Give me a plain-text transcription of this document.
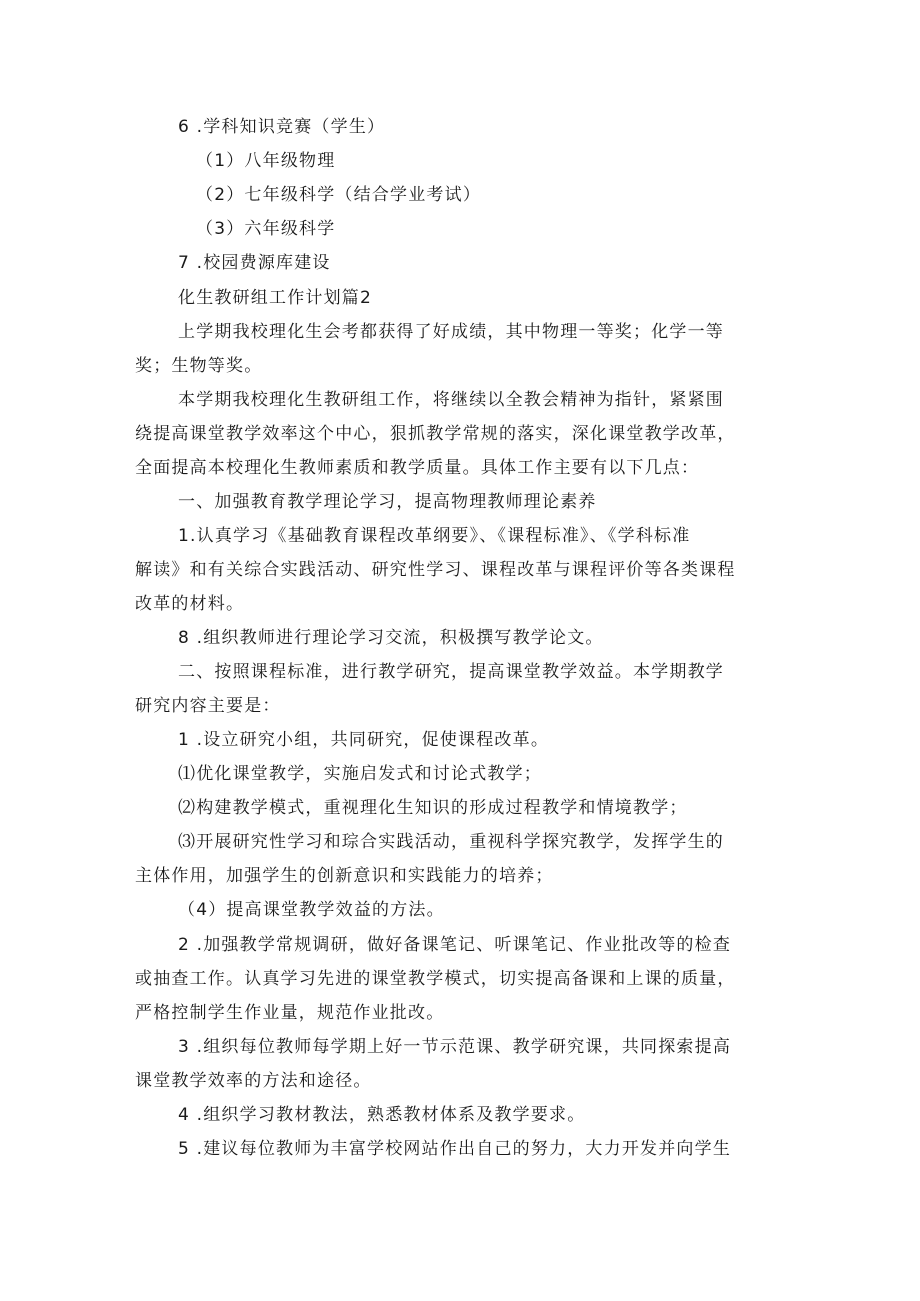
6 .学科知识竞赛（学生）
（1）八年级物理
（2）七年级科学（结合学业考试）
（3）六年级科学
7 .校园费源库建设
化生教研组工作计划篇2
上学期我校理化生会考都获得了好成绩，其中物理一等奖；化学一等
奖；生物等奖。
本学期我校理化生教研组工作，将继续以全教会精神为指针，紧紧围
绕提高课堂教学效率这个中心，狠抓教学常规的落实，深化课堂教学改革，
全面提高本校理化生教师素质和教学质量。具体工作主要有以下几点：
一、加强教育教学理论学习，提高物理教师理论素养
1.认真学习《基础教育课程改革纲要》、《课程标准》、《学科标准
解读》和有关综合实践活动、研究性学习、课程改革与课程评价等各类课程
改革的材料。
8 .组织教师进行理论学习交流，积极撰写教学论文。
二、按照课程标准，进行教学研究，提高课堂教学效益。本学期教学
研究内容主要是：
1 .设立研究小组，共同研究，促使课程改革。
⑴优化课堂教学，实施启发式和讨论式教学；
⑵构建教学模式，重视理化生知识的形成过程教学和情境教学；
⑶开展研究性学习和琮合实践活动，重视科学探究教学，发挥学生的
主体作用，加强学生的创新意识和实践能力的培养；
（4）提高课堂教学效益的方法。
2 .加强教学常规调研，做好备课笔记、听课笔记、作业批改等的检查
或抽查工作。认真学习先进的课堂教学模式，切实提高备课和上课的质量，
严格控制学生作业量，规范作业批改。
3 .组织每位教师每学期上好一节示范课、教学研究课，共同探索提高
课堂教学效率的方法和途径。
4 .组织学习教材教法，熟悉教材体系及教学要求。
5 .建议每位教师为丰富学校网站作出自己的努力，大力开发并向学生
